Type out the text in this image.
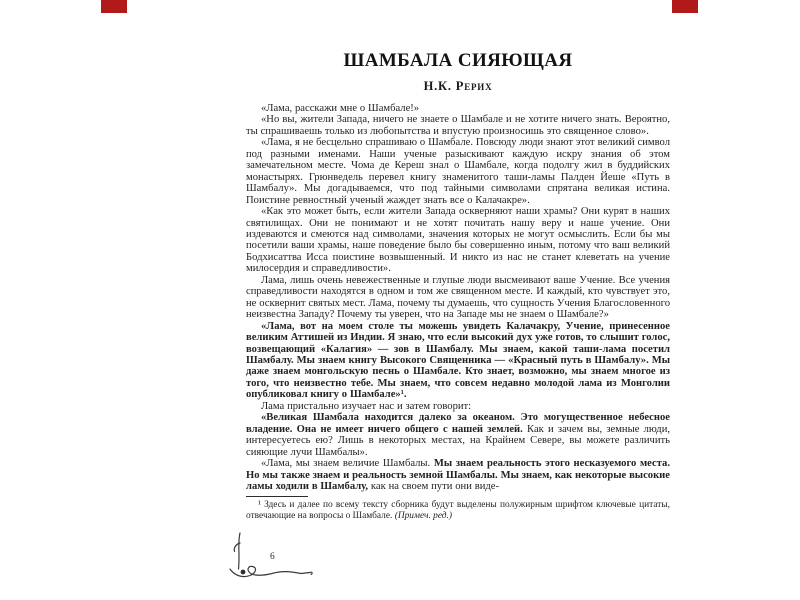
ШАМБАЛА СИЯЮЩАЯ
Н.К. Рерих

«Лама, расскажи мне о Шамбале!»

«Но вы, жители Запада, ничего не знаете о Шамбале и не хотите ничего знать. Вероятно, ты спрашиваешь только из любопытства и впустую произносишь это священное слово».

«Лама, я не бесцельно спрашиваю о Шамбале. Повсюду люди знают этот великий символ под разными именами. Наши ученые разыскивают каждую искру знания об этом замечательном месте. Чома де Кереш знал о Шамбале, когда подолгу жил в буддийских монастырях. Грюнведель перевел книгу знаменитого таши-ламы Палден Йеше «Путь в Шамбалу». Мы догадываемся, что под тайными символами спрятана великая истина. Поистине ревностный ученый жаждет знать все о Калачакре».

«Как это может быть, если жители Запада оскверняют наши храмы? Они курят в наших святилищах. Они не понимают и не хотят почитать нашу веру и наше учение. Они издеваются и смеются над символами, значения которых не могут осмыслить. Если бы мы посетили ваши храмы, наше поведение было бы совершенно иным, потому что ваш великий Бодхисаттва Исса поистине возвышенный. И никто из нас не станет клеветать на учение милосердия и справедливости».

Лама, лишь очень невежественные и глупые люди высмеивают ваше Учение. Все учения справедливости находятся в одном и том же священном месте. И каждый, кто чувствует это, не осквернит святых мест. Лама, почему ты думаешь, что сущность Учения Благословенного неизвестна Западу? Почему ты уверен, что на Западе мы не знаем о Шамбале?»

«Лама, вот на моем столе ты можешь увидеть Калачакру, Учение, принесенное великим Аттишей из Индии. Я знаю, что если высокий дух уже готов, то слышит голос, возвещающий «Калагия» — зов в Шамбалу. Мы знаем, какой таши-лама посетил Шамбалу. Мы знаем книгу Высокого Священника — «Красный путь в Шамбалу». Мы даже знаем монгольскую песнь о Шамбале. Кто знает, возможно, мы знаем многое из того, что неизвестно тебе. Мы знаем, что совсем недавно молодой лама из Монголии опубликовал книгу о Шамбале»¹.

Лама пристально изучает нас и затем говорит:

«Великая Шамбала находится далеко за океаном. Это могущественное небесное владение. Она не имеет ничего общего с нашей землей. Как и зачем вы, земные люди, интересуетесь ею? Лишь в некоторых местах, на Крайнем Севере, вы можете различить сияющие лучи Шамбалы».

«Лама, мы знаем величие Шамбалы. Мы знаем реальность этого несказуемого места. Но мы также знаем и реальность земной Шамбалы. Мы знаем, как некоторые высокие ламы ходили в Шамбалу, как на своем пути они виде-

¹ Здесь и далее по всему тексту сборника будут выделены полужирным шрифтом ключевые цитаты, отвечающие на вопросы о Шамбале. (Примеч. ред.)

6
